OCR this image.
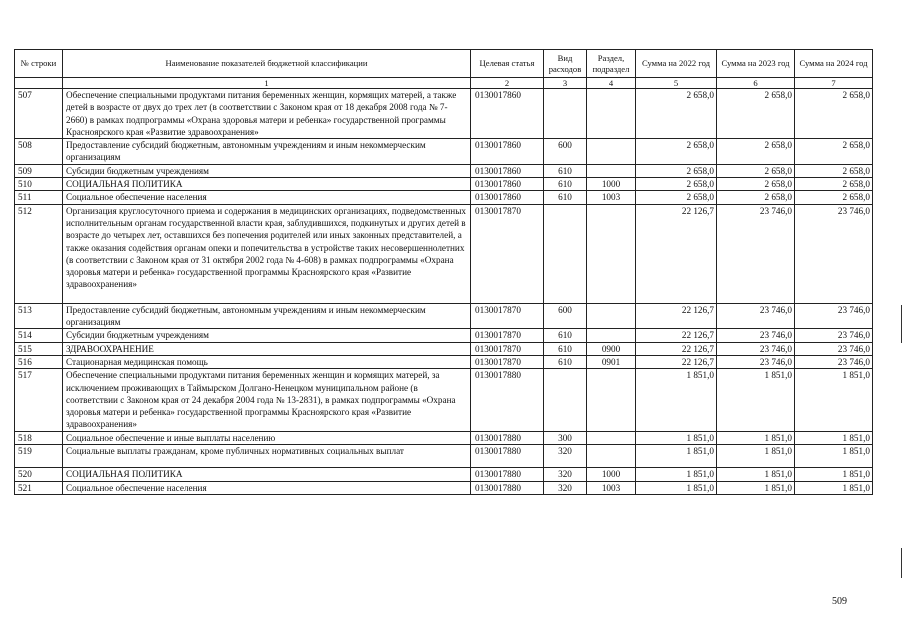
№ строки	Наименование показателей бюджетной классификации	Целевая статья	Вид расходов	Раздел, подраздел	Сумма на 2022 год	Сумма на 2023 год	Сумма на 2024 год
	1	2	3	4	5	6	7
507	Обеспечение специальными продуктами питания беременных женщин, кормящих матерей, а также детей в возрасте от двух до трех лет (в соответствии с Законом края от 18 декабря 2008 года № 7-2660) в рамках подпрограммы «Охрана здоровья матери и ребенка» государственной программы Красноярского края «Развитие здравоохранения»	0130017860			2 658,0	2 658,0	2 658,0
508	Предоставление субсидий бюджетным, автономным учреждениям и иным некоммерческим организациям	0130017860	600		2 658,0	2 658,0	2 658,0
509	Субсидии бюджетным учреждениям	0130017860	610		2 658,0	2 658,0	2 658,0
510	СОЦИАЛЬНАЯ ПОЛИТИКА	0130017860	610	1000	2 658,0	2 658,0	2 658,0
511	Социальное обеспечение населения	0130017860	610	1003	2 658,0	2 658,0	2 658,0
512	Организация круглосуточного приема и содержания в медицинских организациях, подведомственных исполнительным органам государственной власти края, заблудившихся, подкинутых и других детей в возрасте до четырех лет, оставшихся без попечения родителей или иных законных представителей, а также оказания содействия органам опеки и попечительства в устройстве таких несовершеннолетних (в соответствии с Законом края от 31 октября 2002 года № 4-608) в рамках подпрограммы «Охрана здоровья матери и ребенка» государственной программы Красноярского края «Развитие здравоохранения»	0130017870			22 126,7	23 746,0	23 746,0
513	Предоставление субсидий бюджетным, автономным учреждениям и иным некоммерческим организациям	0130017870	600		22 126,7	23 746,0	23 746,0
514	Субсидии бюджетным учреждениям	0130017870	610		22 126,7	23 746,0	23 746,0
515	ЗДРАВООХРАНЕНИЕ	0130017870	610	0900	22 126,7	23 746,0	23 746,0
516	Стационарная медицинская помощь	0130017870	610	0901	22 126,7	23 746,0	23 746,0
517	Обеспечение специальными продуктами питания беременных женщин и кормящих матерей, за исключением проживающих в Таймырском Долгано-Ненецком муниципальном районе (в соответствии с Законом края от 24 декабря 2004 года № 13-2831), в рамках подпрограммы «Охрана здоровья матери и ребенка» государственной программы Красноярского края «Развитие здравоохранения»	0130017880			1 851,0	1 851,0	1 851,0
518	Социальное обеспечение и иные выплаты населению	0130017880	300		1 851,0	1 851,0	1 851,0
519	Социальные выплаты гражданам, кроме публичных нормативных социальных выплат	0130017880	320		1 851,0	1 851,0	1 851,0
520	СОЦИАЛЬНАЯ ПОЛИТИКА	0130017880	320	1000	1 851,0	1 851,0	1 851,0
521	Социальное обеспечение населения	0130017880	320	1003	1 851,0	1 851,0	1 851,0
509
